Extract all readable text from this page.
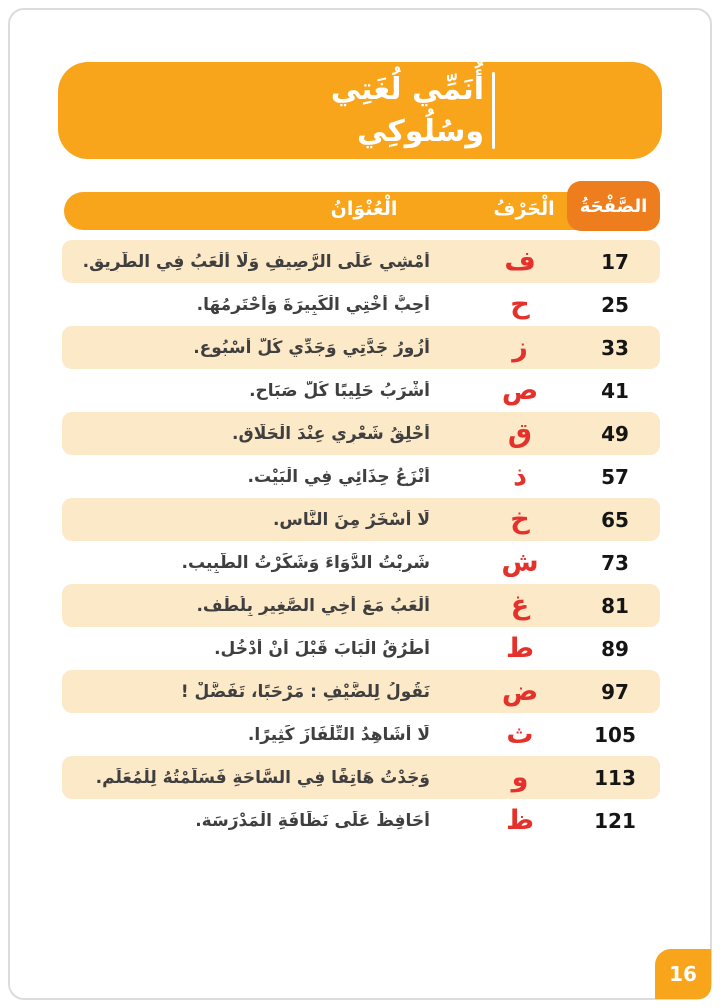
أُنَمِّي لُغَتِي
وسُلُوكِي
الْعُنْوَانُ	الْحَرْفُ	الصَّفْحَةُ
أَمْشِي عَلَى الرَّصِيفِ وَلَا أَلْعَبُ فِي الطَّرِيق.	ف	17
أُحِبُّ أُخْتِي الْكَبِيرَةَ وَأَحْتَرِمُهَا.	ح	25
أَزُورُ جَدَّتِي وَجَدِّي كُلَّ أُسْبُوع.	ز	33
أَشْرَبُ حَلِيبًا كُلَّ صَبَاح.	ص	41
أَحْلِقُ شَعْرِي عِنْدَ الْحَلَّاق.	ق	49
أَنْزَعُ حِذَائِي فِي الْبَيْت.	ذ	57
لَا أَسْخَرُ مِنَ النَّاس.	خ	65
شَرِبْتُ الدَّوَاءَ وَشَكَرْتُ الطَّبِيب.	ش	73
أَلْعَبُ مَعَ أَخِي الصَّغِيرِ بِلُطْف.	غ	81
أَطْرُقُ الْبَابَ قَبْلَ أَنْ أَدْخُل.	ط	89
نَقُولُ لِلضَّيْفِ : مَرْحَبًا، تَفَضَّلْ !	ض	97
لَا أُشَاهِدُ التِّلْفَازَ كَثِيرًا.	ث	105
وَجَدْتُ هَاتِفًا فِي السَّاحَةِ فَسَلَّمْتُهُ لِلْمُعَلِّم.	و	113
أُحَافِظُ عَلَى نَظَافَةِ الْمَدْرَسَة.	ظ	121
16
